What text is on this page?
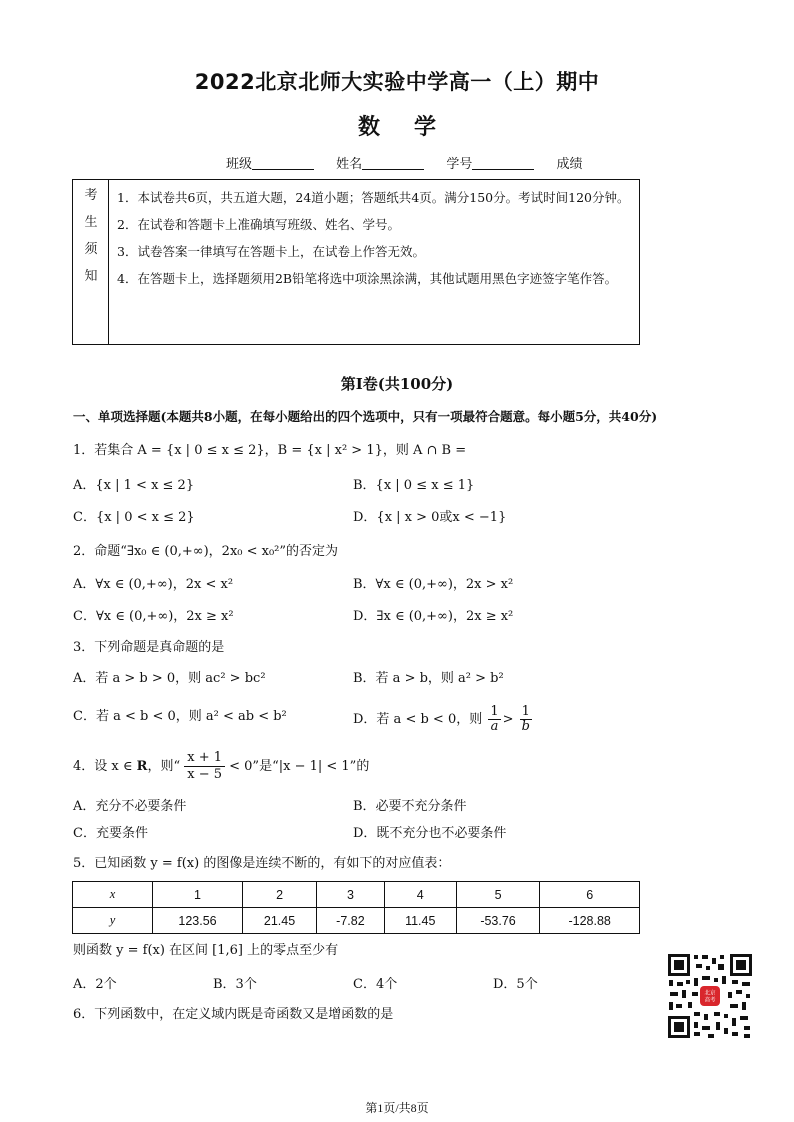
2022北京北师大实验中学高一（上）期中
数学
班级	姓名	学号	成绩
考
生
须
知

1．本试卷共6页，共五道大题，24道小题；答题纸共4页。满分150分。考试时间120分钟。

2．在试卷和答题卡上准确填写班级、姓名、学号。

3．试卷答案一律填写在答题卡上，在试卷上作答无效。

4．在答题卡上，选择题须用2B铅笔将选中项涂黑涂满，其他试题用黑色字迹签字笔作答。

第I卷(共100分)
一、单项选择题(本题共8小题，在每小题给出的四个选项中，只有一项最符合题意。每小题5分，共40分)
1．若集合 A = {x | 0 ≤ x ≤ 2}，B = {x | x² > 1}，则 A ∩ B =
A．{x | 1 < x ≤ 2}	B．{x | 0 ≤ x ≤ 1}
C．{x | 0 < x ≤ 2}	D．{x | x > 0或x < −1}
2．命题“∃x₀ ∈ (0,+∞)，2x₀ < x₀²”的否定为
A．∀x ∈ (0,+∞)，2x < x²	B．∀x ∈ (0,+∞)，2x > x²
C．∀x ∈ (0,+∞)，2x ≥ x²	D．∃x ∈ (0,+∞)，2x ≥ x²
3．下列命题是真命题的是
A．若 a > b > 0，则 ac² > bc²	B．若 a > b，则 a² > b²
C．若 a < b < 0，则 a² < ab < b²	D．若 a < b < 0，则 $\frac{1}{a} > \frac{1}{b}$
4．设 x ∈ R，则“ $\frac{x + 1}{x - 5} < 0$”是“|x − 1| < 1”的
A．充分不必要条件	B．必要不充分条件
C．充要条件	D．既不充分也不必要条件
5．已知函数 y = f(x) 的图像是连续不断的，有如下的对应值表：
x	1	2	3	4	5	6
y	123.56	21.45	-7.82	11.45	-53.76	-128.88
则函数 y = f(x) 在区间 [1,6] 上的零点至少有
A．2个	B．3个	C．4个	D．5个
6．下列函数中，在定义域内既是奇函数又是增函数的是
北京
高考
第1页/共8页
